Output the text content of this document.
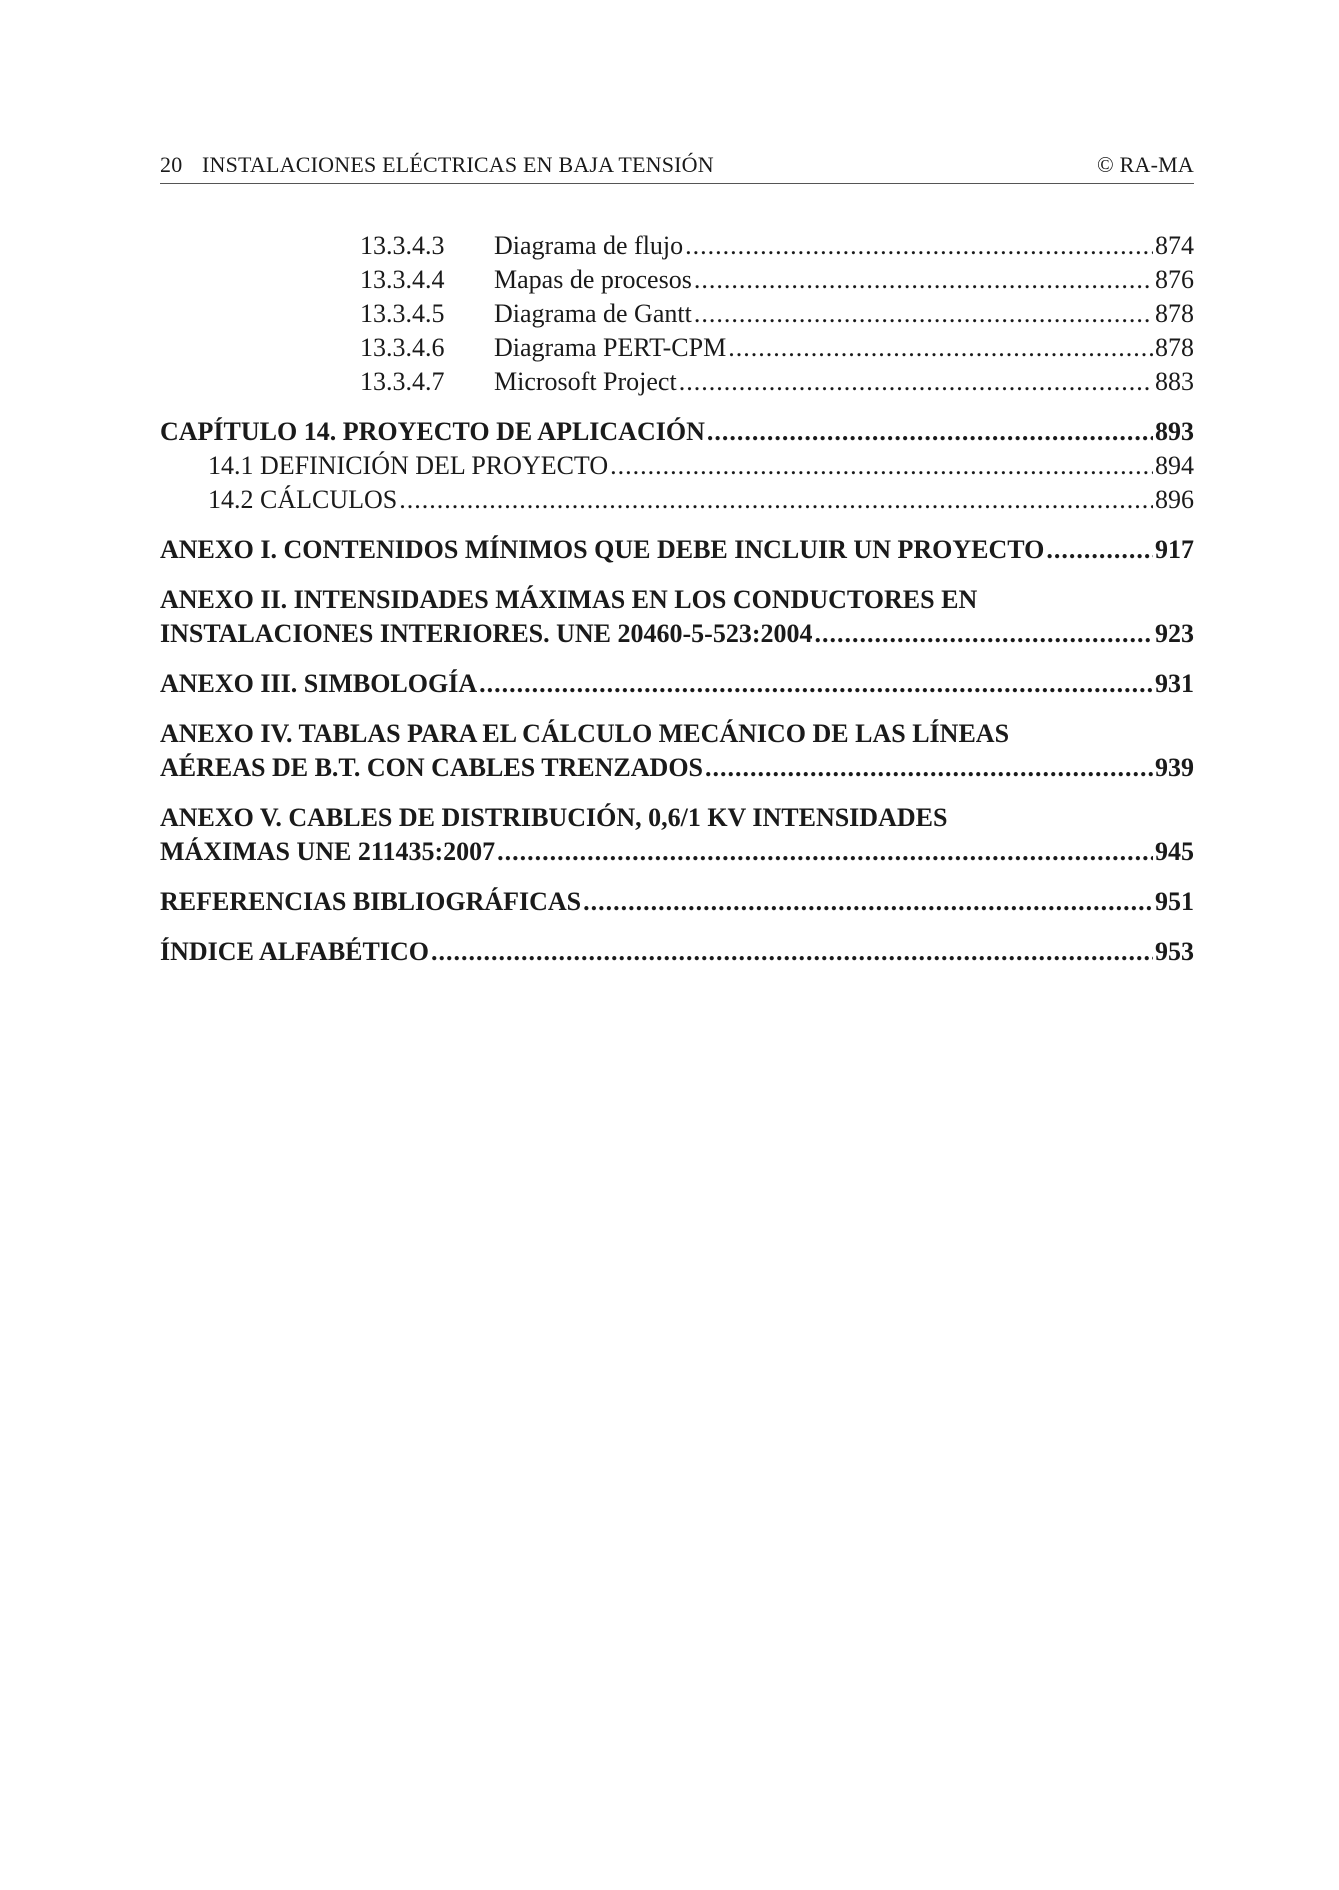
20 INSTALACIONES ELÉCTRICAS EN BAJA TENSIÓN	© RA-MA
13.3.4.3 Diagrama de flujo .....	874
13.3.4.4 Mapas de procesos .....	876
13.3.4.5 Diagrama de Gantt .....	878
13.3.4.6 Diagrama PERT-CPM .....	878
13.3.4.7 Microsoft Project .....	883
CAPÍTULO 14. PROYECTO DE APLICACIÓN .....	893
14.1 DEFINICIÓN DEL PROYECTO .....	894
14.2 CÁLCULOS .....	896
ANEXO I. CONTENIDOS MÍNIMOS QUE DEBE INCLUIR UN PROYECTO .....	917
ANEXO II. INTENSIDADES MÁXIMAS EN LOS CONDUCTORES EN
INSTALACIONES INTERIORES. UNE 20460-5-523:2004 .....	923
ANEXO III. SIMBOLOGÍA .....	931
ANEXO IV. TABLAS PARA EL CÁLCULO MECÁNICO DE LAS LÍNEAS
AÉREAS DE B.T. CON CABLES TRENZADOS .....	939
ANEXO V. CABLES DE DISTRIBUCIÓN, 0,6/1 KV INTENSIDADES
MÁXIMAS UNE 211435:2007 .....	945
REFERENCIAS BIBLIOGRÁFICAS .....	951
ÍNDICE ALFABÉTICO .....	953
